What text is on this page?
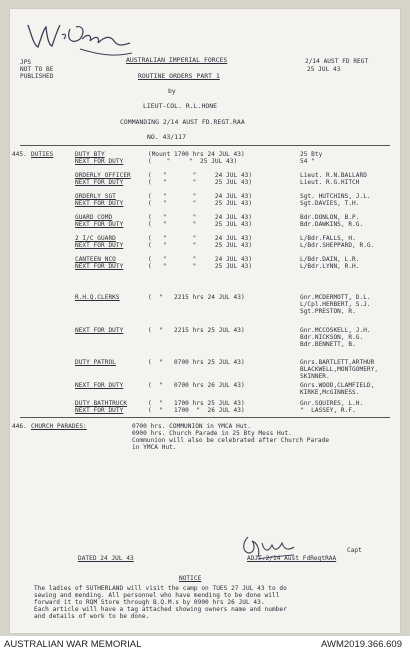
JPS
NOT TO BE
PUBLISHED
2/14 AUST FD REGT
25 JUL 43
AUSTRALIAN IMPERIAL FORCES
ROUTINE ORDERS PART 1
by
LIEUT-COL. R.L.HONE
COMMANDING 2/14 AUST FD.REGT.RAA
NO. 43/117
445. DUTIES	DUTY BTY	(Mount 1700 hrs 24 JUL 43)	25 Bty
NEXT FOR DUTY	(    "     "  25 JUL 43)	54 "
ORDERLY OFFICER	(   "       "     24 JUL 43)	Lieut. R.N.BALLARD
NEXT FOR DUTY	(   "       "     25 JUL 43)	Lieut. R.G.HITCH
ORDERLY SGT	(   "       "     24 JUL 43)	Sgt. HUTCHINS, J.L.
NEXT FOR DUTY	(   "       "     25 JUL 43)	Sgt.DAVIES, T.H.
GUARD COMD	(   "       "     24 JUL 43)	Bdr.DONLON, B.P.
NEXT FOR DUTY	(   "       "     25 JUL 43)	Bdr.DAWKINS, R.G.
2 I/C GUARD	(   "       "     24 JUL 43)	L/Bdr.FALLS, H.
NEXT FOR DUTY	(   "       "     25 JUL 43)	L/Bdr.SHEPPARD, R.G.
CANTEEN NCO	(   "       "     24 JUL 43)	L/Bdr.DAIN, L.R.
NEXT FOR DUTY	(   "       "     25 JUL 43)	L/Bdr.LYNN, R.H.
R.H.Q.CLERKS	(  "   2215 hrs 24 JUL 43)	Gnr.MCDERMOTT, D.L.
L/Cpl.HERBERT, S.J.
Sgt.PRESTON, R.
NEXT FOR DUTY	(  "   2215 hrs 25 JUL 43)	Gnr.MCCOSKELL, J.H.
Bdr.NICKSON, R.G.
Bdr.BENNETT, B.
DUTY PATROL	(  "   0700 hrs 25 JUL 43)	Gnrs.BARTLETT,ARTHUR
BLACKWELL,MONTGOMERY,
SKINNER.
NEXT FOR DUTY	(  "   0700 hrs 26 JUL 43)	Gnrs.WOOD,CLAMFIELD,
KIRKE,McGINNESS.
DUTY BATHTRUCK	(  "   1700 hrs 25 JUL 43)	Gnr.SQUIRES, L.H.
NEXT FOR DUTY	(  "   1700  "  26 JUL 43)	"  LASSEY, R.F.
446. CHURCH PARADES:	0700 hrs. COMMUNION in YMCA Hut.
0900 hrs. Church Parade in 25 Bty Mess Hut.
Communion will also be celebrated after Church Parade
in YMCA Hut.
Capt
DATED 24 JUL 43	ADJT.2/14 Aust FdRegtRAA
NOTICE
The ladies of SUTHERLAND will visit the camp on TUES 27 JUL 43 to do
sewing and mending. All personnel who have mending to be done will
forward it to RQM Store through B.Q.M.s by 0900 hrs 26 JUL 43.
Each article will have a tag attached showing owners name and number
and details of work to be done.
AUSTRALIAN WAR MEMORIAL	AWM2019.366.609
